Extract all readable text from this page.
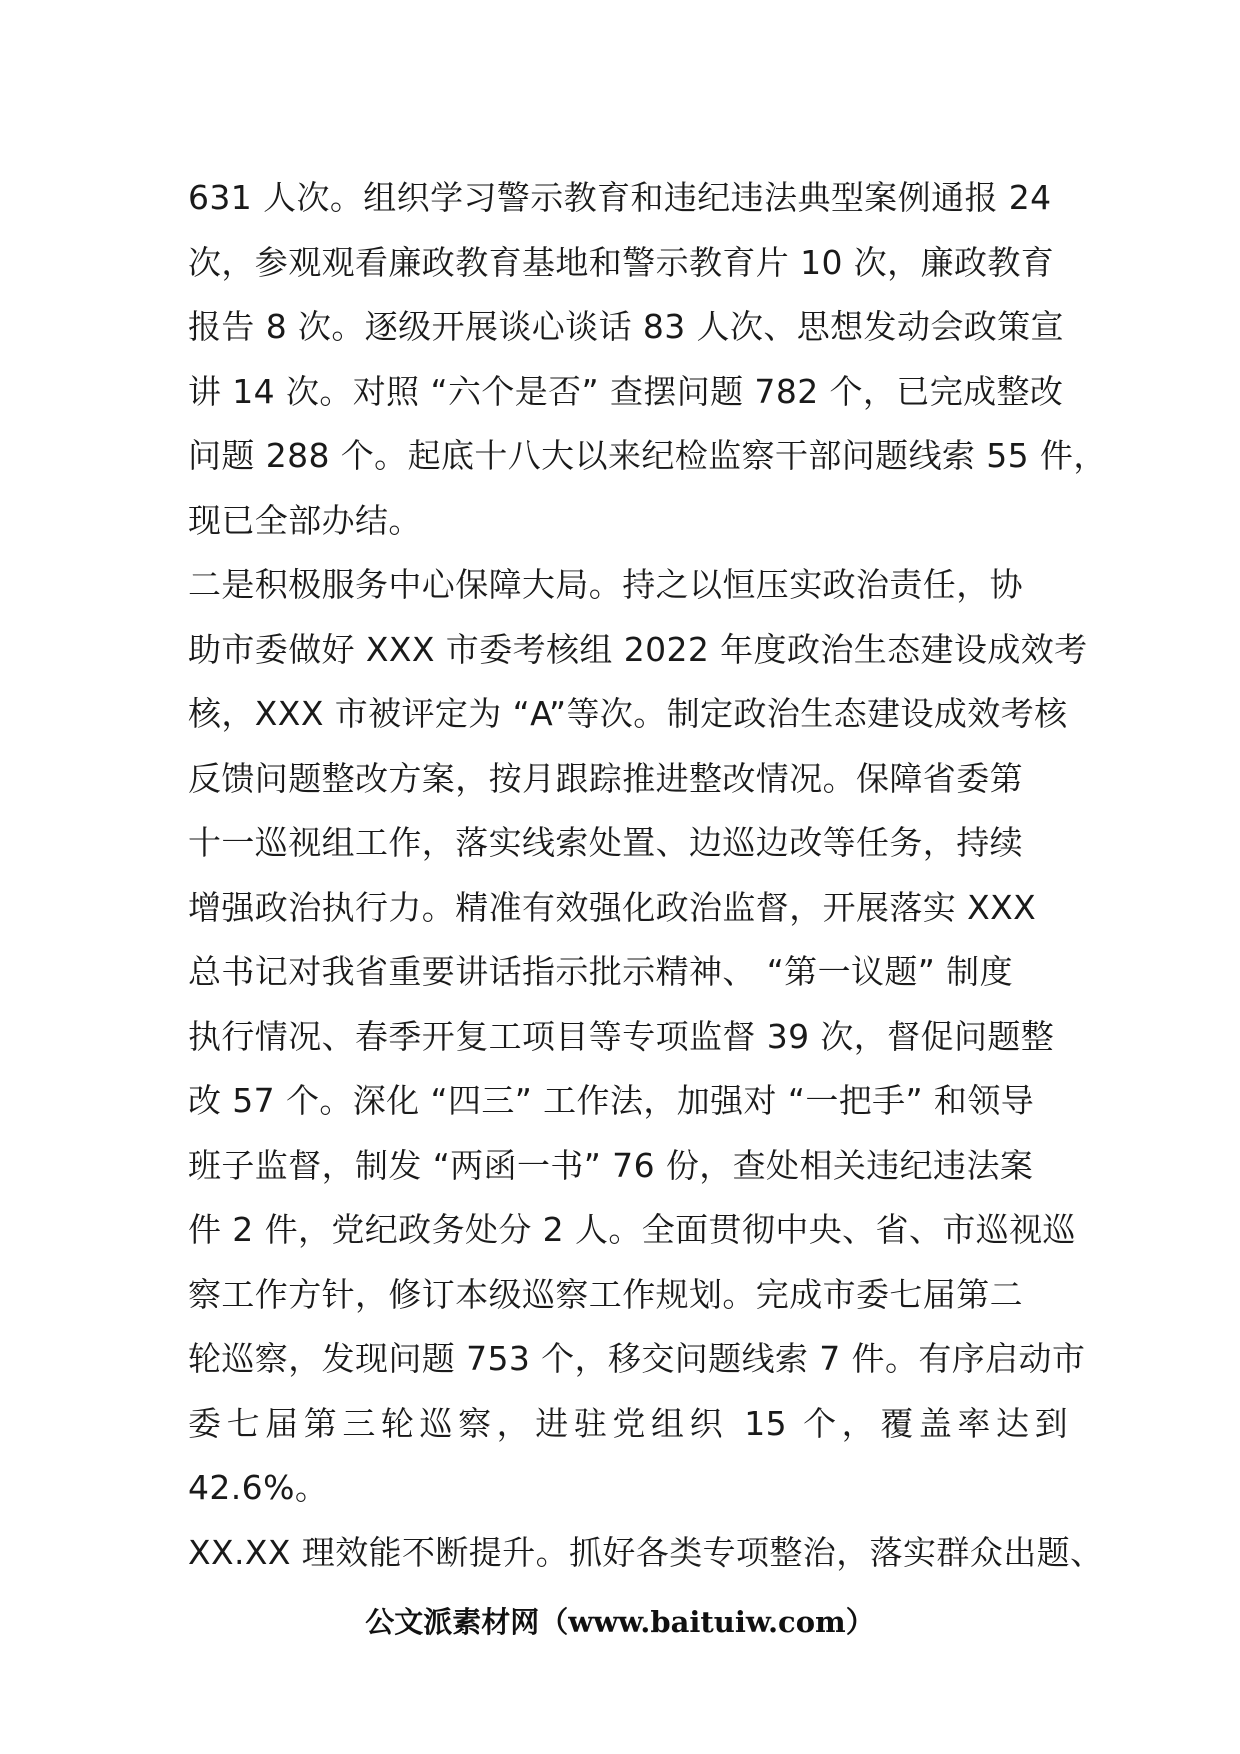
631 人次。组织学习警示教育和违纪违法典型案例通报 24
次，参观观看廉政教育基地和警示教育片 10 次，廉政教育
报告 8 次。逐级开展谈心谈话 83 人次、思想发动会政策宣
讲 14 次。对照 “六个是否” 查摆问题 782 个，已完成整改
问题 288 个。起底十八大以来纪检监察干部问题线索 55 件，
现已全部办结。
二是积极服务中心保障大局。持之以恒压实政治责任，协
助市委做好 XXX 市委考核组 2022 年度政治生态建设成效考
核，XXX 市被评定为 “A”等次。制定政治生态建设成效考核
反馈问题整改方案，按月跟踪推进整改情况。保障省委第
十一巡视组工作，落实线索处置、边巡边改等任务，持续
增强政治执行力。精准有效强化政治监督，开展落实 XXX
总书记对我省重要讲话指示批示精神、 “第一议题” 制度
执行情况、春季开复工项目等专项监督 39 次，督促问题整
改 57 个。深化 “四三” 工作法，加强对 “一把手” 和领导
班子监督，制发 “两函一书” 76 份，查处相关违纪违法案
件 2 件，党纪政务处分 2 人。全面贯彻中央、省、市巡视巡
察工作方针，修订本级巡察工作规划。完成市委七届第二
轮巡察，发现问题 753 个，移交问题线索 7 件。有序启动市
委七届第三轮巡察，进驻党组织 15 个，覆盖率达到
42.6%。
XX.XX 理效能不断提升。抓好各类专项整治，落实群众出题、
公文派素材网（www.baituiw.com）
